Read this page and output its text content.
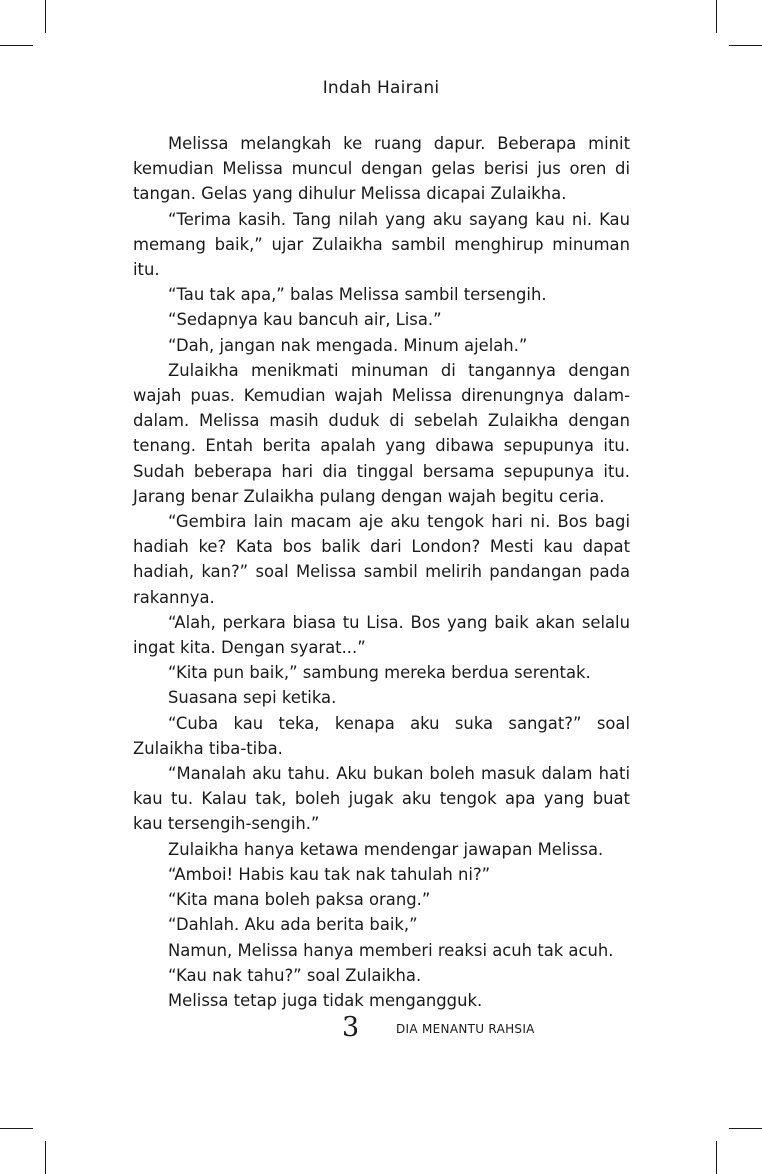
Indah Hairani

Melissa melangkah ke ruang dapur. Beberapa minit kemudian Melissa muncul dengan gelas berisi jus oren di tangan. Gelas yang dihulur Melissa dicapai Zulaikha.

“Terima kasih. Tang nilah yang aku sayang kau ni. Kau memang baik,” ujar Zulaikha sambil menghirup minuman itu.

“Tau tak apa,” balas Melissa sambil tersengih.

“Sedapnya kau bancuh air, Lisa.”

“Dah, jangan nak mengada. Minum ajelah.”

Zulaikha menikmati minuman di tangannya dengan wajah puas. Kemudian wajah Melissa direnungnya dalam-dalam. Melissa masih duduk di sebelah Zulaikha dengan tenang. Entah berita apalah yang dibawa sepupunya itu. Sudah beberapa hari dia tinggal bersama sepupunya itu. Jarang benar Zulaikha pulang dengan wajah begitu ceria.

“Gembira lain macam aje aku tengok hari ni. Bos bagi hadiah ke? Kata bos balik dari London? Mesti kau dapat hadiah, kan?” soal Melissa sambil melirih pandangan pada rakannya.

“Alah, perkara biasa tu Lisa. Bos yang baik akan selalu ingat kita. Dengan syarat...”

“Kita pun baik,” sambung mereka berdua serentak.

Suasana sepi ketika.

“Cuba kau teka, kenapa aku suka sangat?” soal Zulaikha tiba-tiba.

“Manalah aku tahu. Aku bukan boleh masuk dalam hati kau tu. Kalau tak, boleh jugak aku tengok apa yang buat kau tersengih-sengih.”

Zulaikha hanya ketawa mendengar jawapan Melissa.

“Amboi! Habis kau tak nak tahulah ni?”

“Kita mana boleh paksa orang.”

“Dahlah. Aku ada berita baik,”

Namun, Melissa hanya memberi reaksi acuh tak acuh.

“Kau nak tahu?” soal Zulaikha.

Melissa tetap juga tidak mengangguk.

3	DIA MENANTU RAHSIA
